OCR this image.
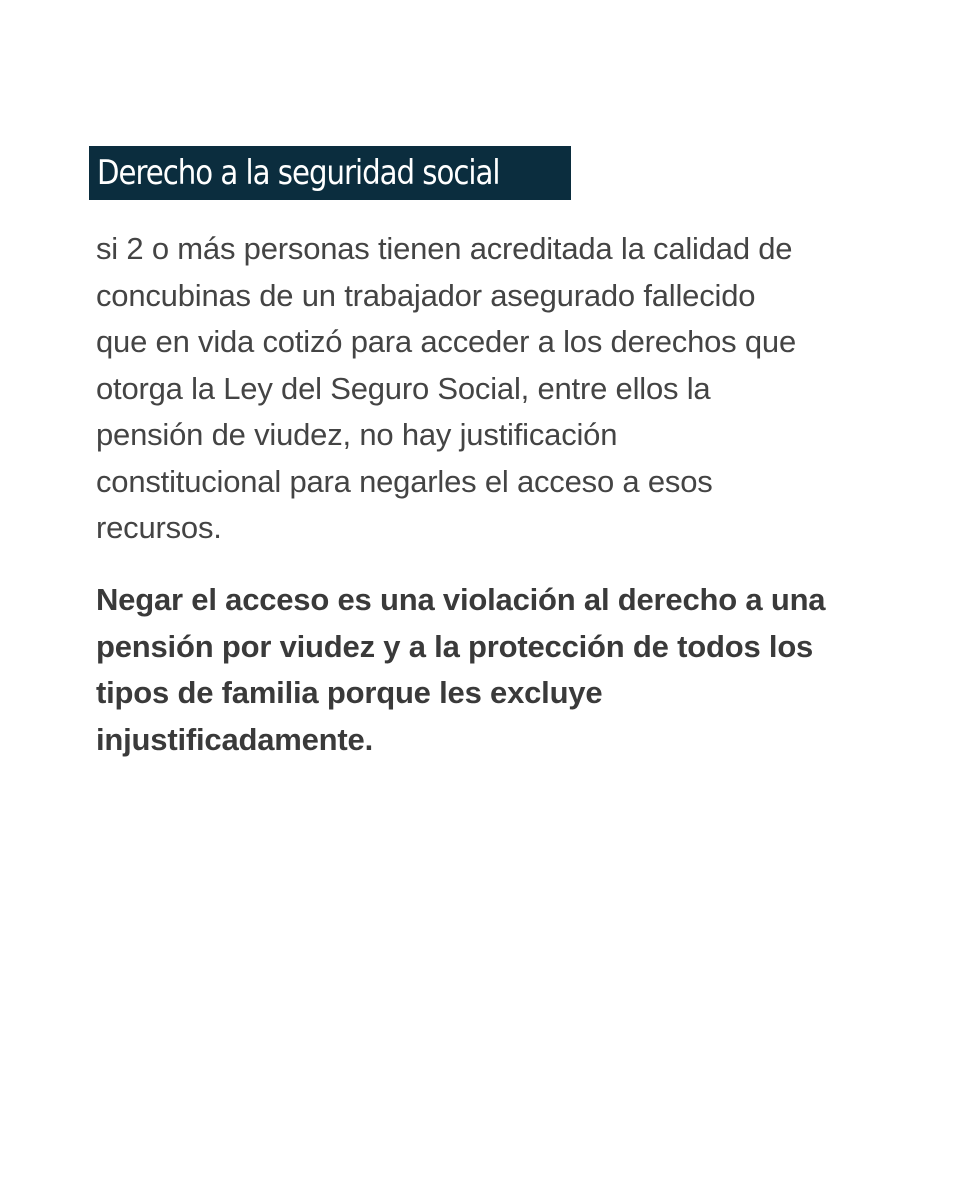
Derecho a la seguridad social

si 2 o más personas tienen acreditada la calidad de
concubinas de un trabajador asegurado fallecido
que en vida cotizó para acceder a los derechos que
otorga la Ley del Seguro Social, entre ellos la
pensión de viudez, no hay justificación
constitucional para negarles el acceso a esos
recursos.

Negar el acceso es una violación al derecho a una
pensión por viudez y a la protección de todos los
tipos de familia porque les excluye
injustificadamente.
